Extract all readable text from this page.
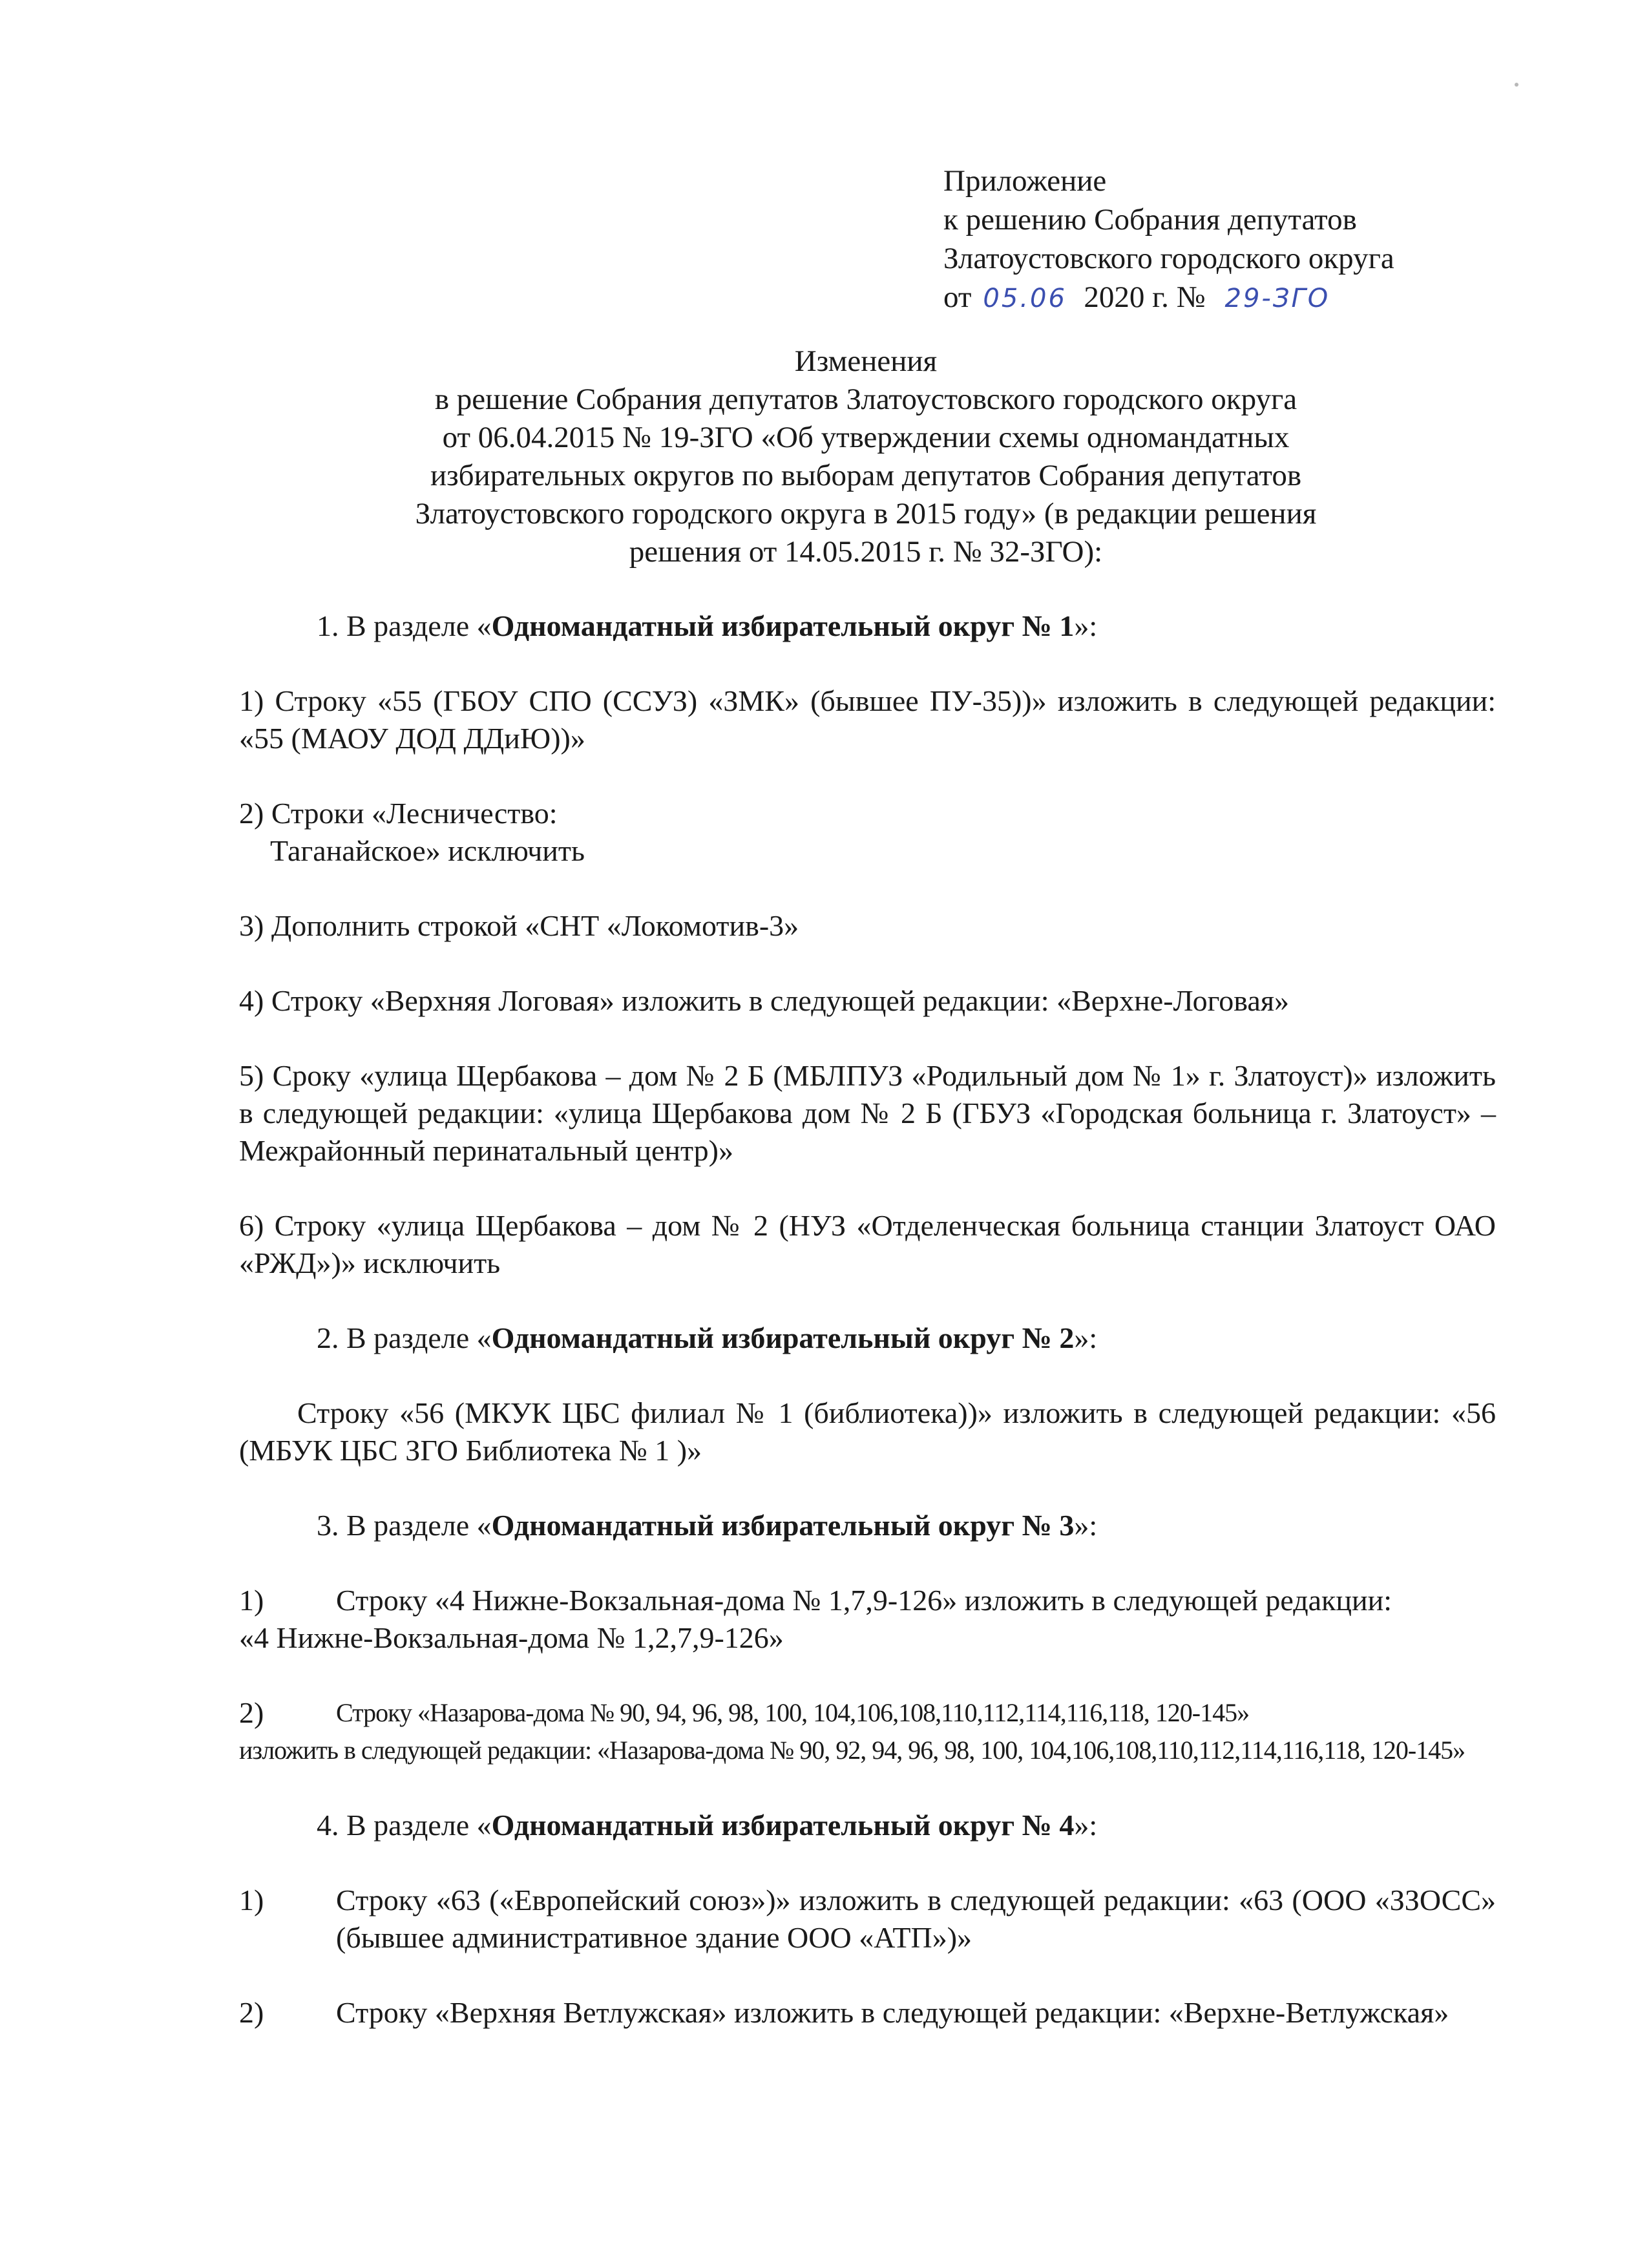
Приложение
к решению Собрания депутатов
Златоустовского городского округа
от 05.06 2020 г. № 29-ЗГО
Изменения
в решение Собрания депутатов Златоустовского городского округа
от 06.04.2015 № 19-ЗГО «Об утверждении схемы одномандатных
избирательных округов по выборам депутатов Собрания депутатов
Златоустовского городского округа в 2015 году» (в редакции решения
решения от 14.05.2015 г. № 32-ЗГО):
1. В разделе «Одномандатный избирательный округ № 1»:
1) Строку «55 (ГБОУ СПО (ССУЗ) «ЗМК» (бывшее ПУ-35))» изложить в следующей редакции: «55 (МАОУ ДОД ДДиЮ))»
2) Строки «Лесничество:
Таганайское» исключить
3) Дополнить строкой «СНТ «Локомотив-3»
4) Строку «Верхняя Логовая» изложить в следующей редакции: «Верхне-Логовая»
5) Сроку «улица Щербакова – дом № 2 Б (МБЛПУЗ «Родильный дом № 1» г. Златоуст)» изложить в следующей редакции: «улица Щербакова дом № 2 Б (ГБУЗ «Городская больница г. Златоуст» – Межрайонный перинатальный центр)»
6) Строку «улица Щербакова – дом № 2 (НУЗ «Отделенческая больница станции Златоуст ОАО «РЖД»)» исключить
2. В разделе «Одномандатный избирательный округ № 2»:
Строку «56 (МКУК ЦБС филиал № 1 (библиотека))» изложить в следующей редакции: «56 (МБУК ЦБС ЗГО Библиотека № 1 )»
3. В разделе «Одномандатный избирательный округ № 3»:
1)	Строку «4 Нижне-Вокзальная-дома № 1,7,9-126» изложить в следующей редакции:
«4 Нижне-Вокзальная-дома № 1,2,7,9-126»
2)	Строку «Назарова-дома № 90, 94, 96, 98, 100, 104,106,108,110,112,114,116,118, 120-145»
изложить в следующей редакции: «Назарова-дома № 90, 92, 94, 96, 98, 100, 104,106,108,110,112,114,116,118, 120-145»
4. В разделе «Одномандатный избирательный округ № 4»:
1)	Строку «63 («Европейский союз»)» изложить в следующей редакции: «63 (ООО «ЗЗОСС» (бывшее административное здание ООО «АТП»)»
2)	Строку «Верхняя Ветлужская» изложить в следующей редакции: «Верхне-Ветлужская»
